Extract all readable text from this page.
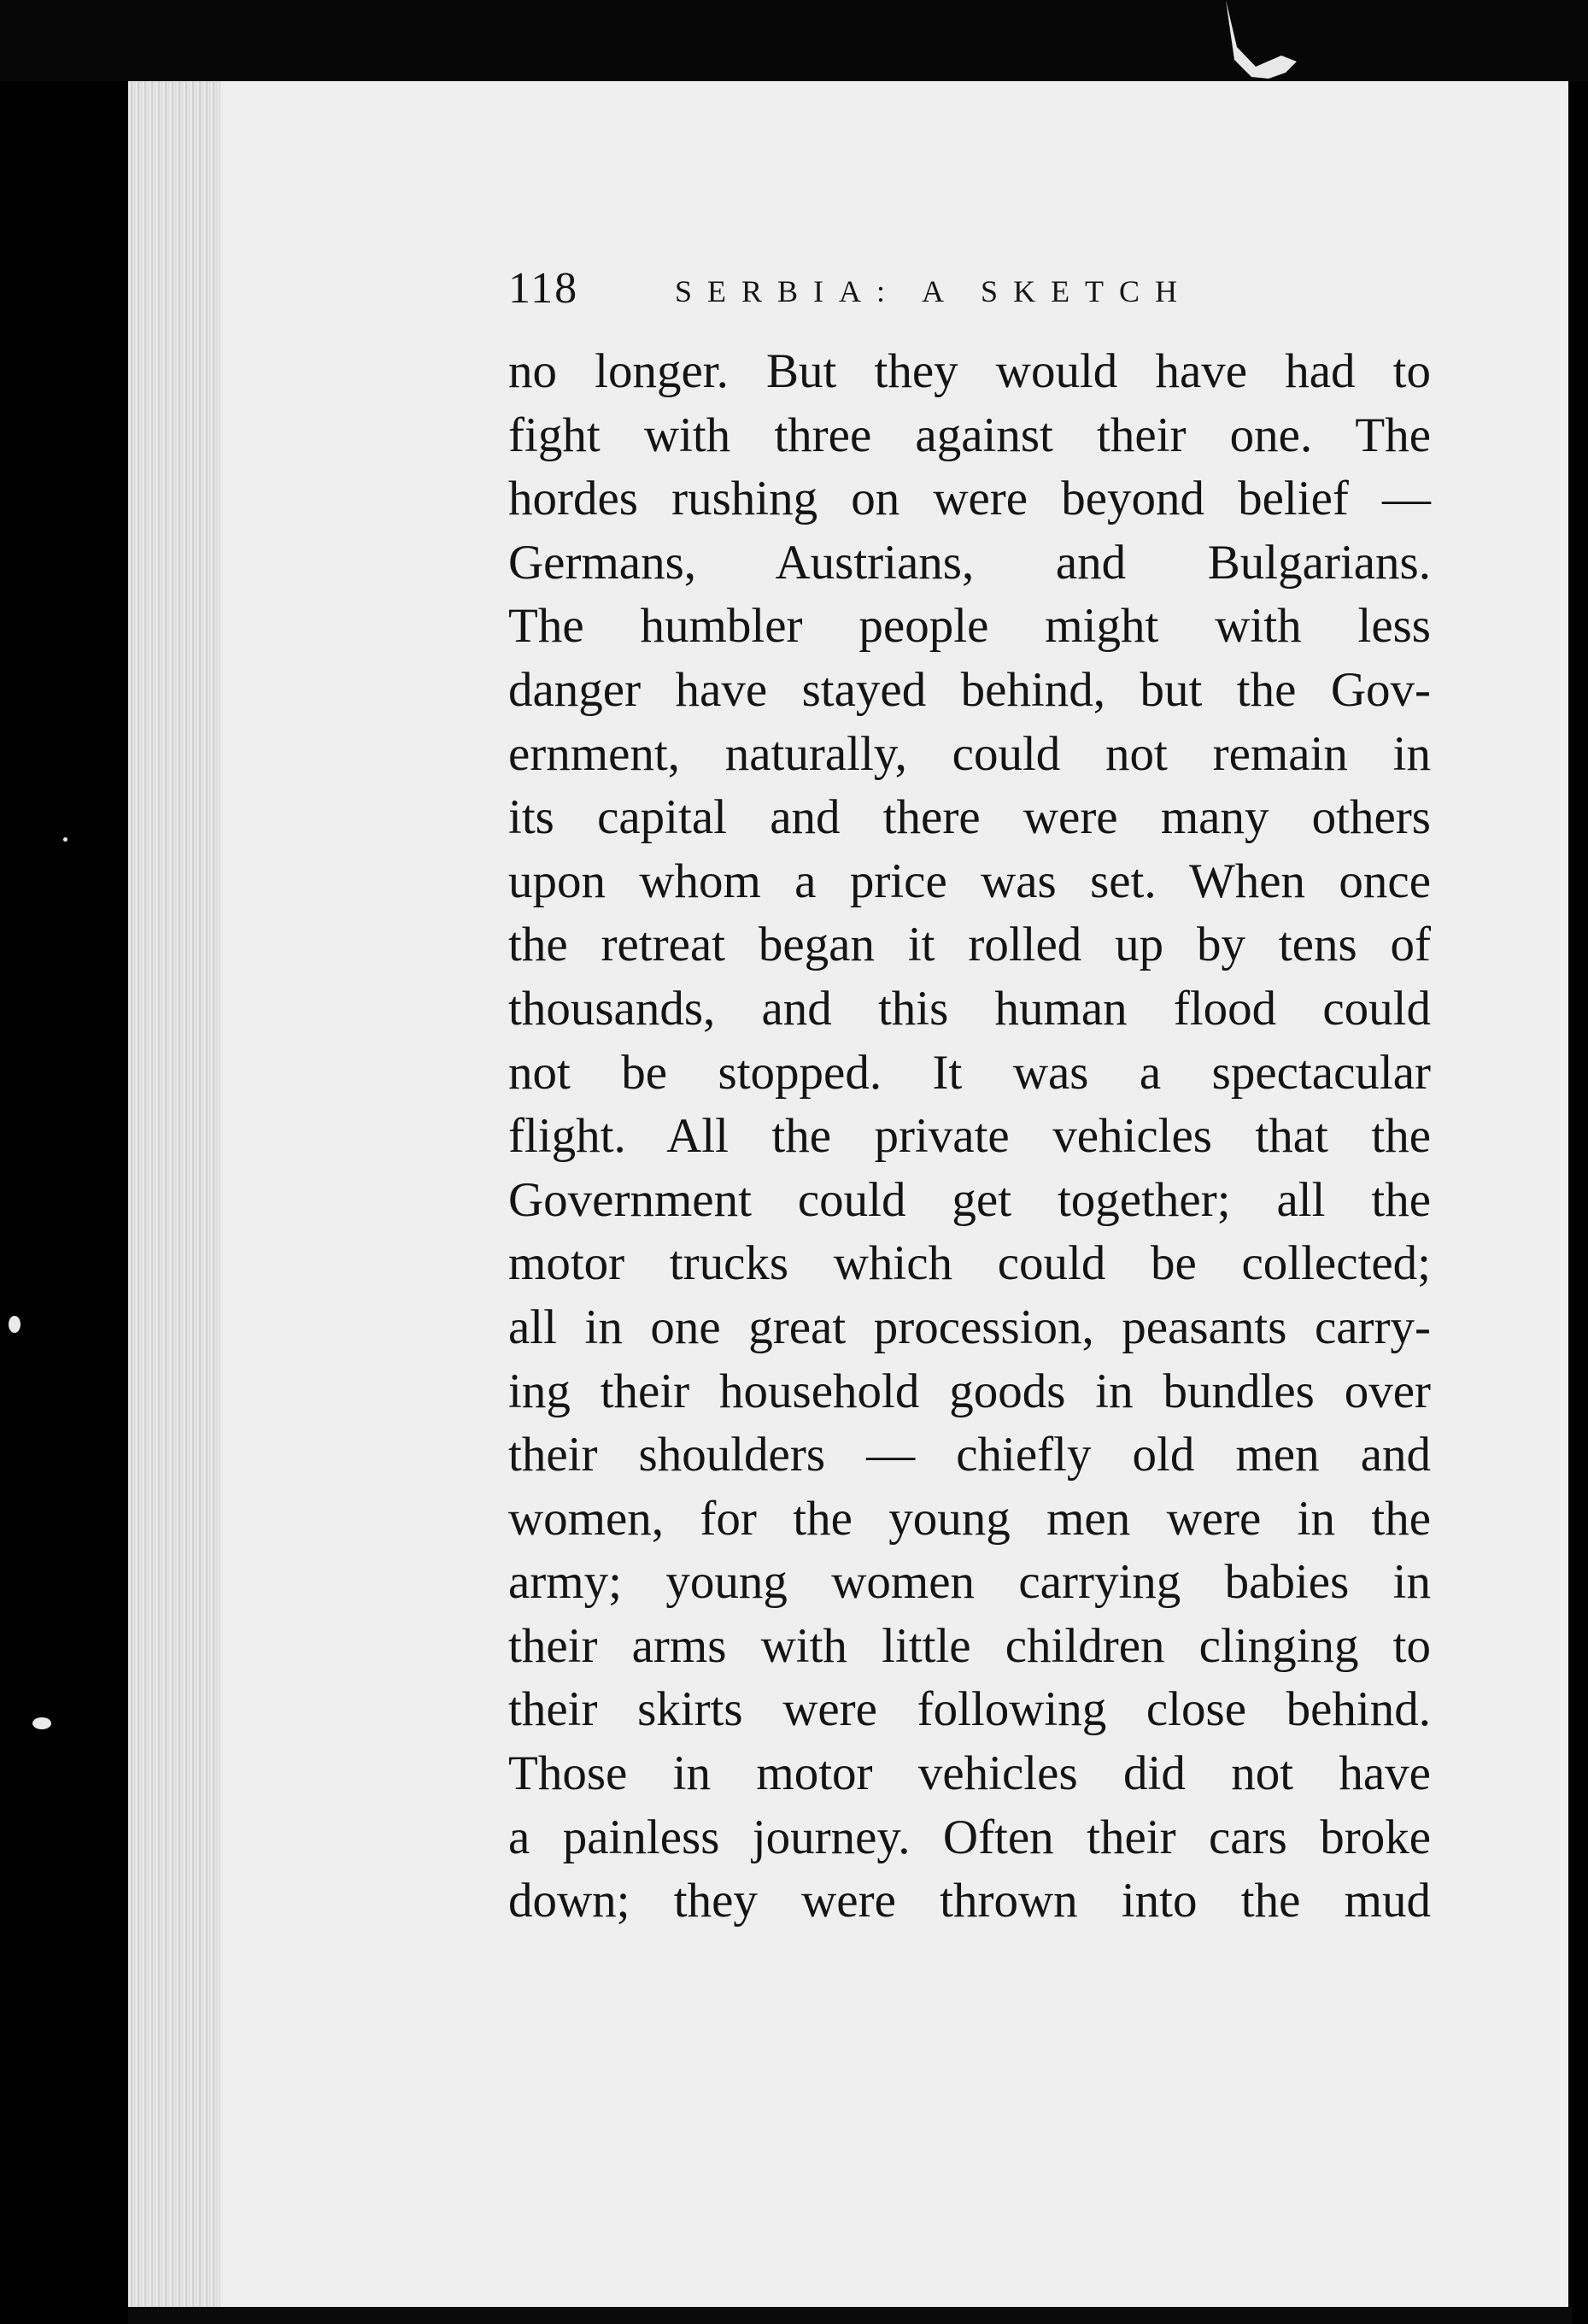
118	SERBIA: A SKETCH
no longer. But they would have had to
fight with three against their one. The
hordes rushing on were beyond belief —
Germans, Austrians, and Bulgarians.
The humbler people might with less
danger have stayed behind, but the Gov-
ernment, naturally, could not remain in
its capital and there were many others
upon whom a price was set. When once
the retreat began it rolled up by tens of
thousands, and this human flood could
not be stopped. It was a spectacular
flight. All the private vehicles that the
Government could get together; all the
motor trucks which could be collected;
all in one great procession, peasants carry-
ing their household goods in bundles over
their shoulders — chiefly old men and
women, for the young men were in the
army; young women carrying babies in
their arms with little children clinging to
their skirts were following close behind.
Those in motor vehicles did not have
a painless journey. Often their cars broke
down; they were thrown into the mud
